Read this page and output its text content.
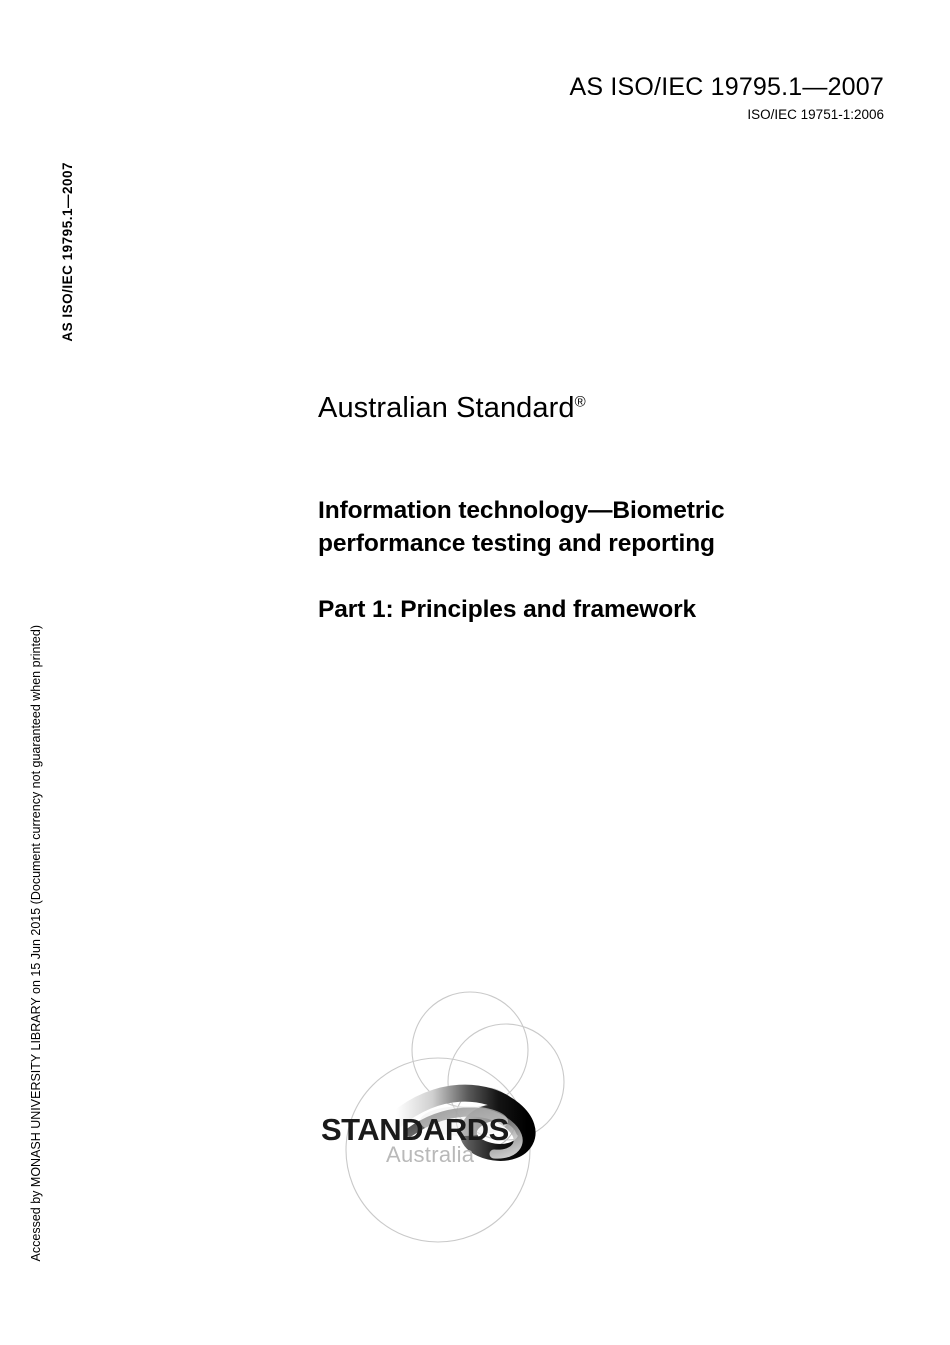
AS ISO/IEC 19795.1—2007
ISO/IEC 19751-1:2006
AS ISO/IEC 19795.1—2007
Accessed by MONASH UNIVERSITY LIBRARY on 15 Jun 2015 (Document currency not guaranteed when printed)
Australian Standard®
Information technology—Biometric performance testing and reporting
Part 1: Principles and framework
STANDARDS
Australia
